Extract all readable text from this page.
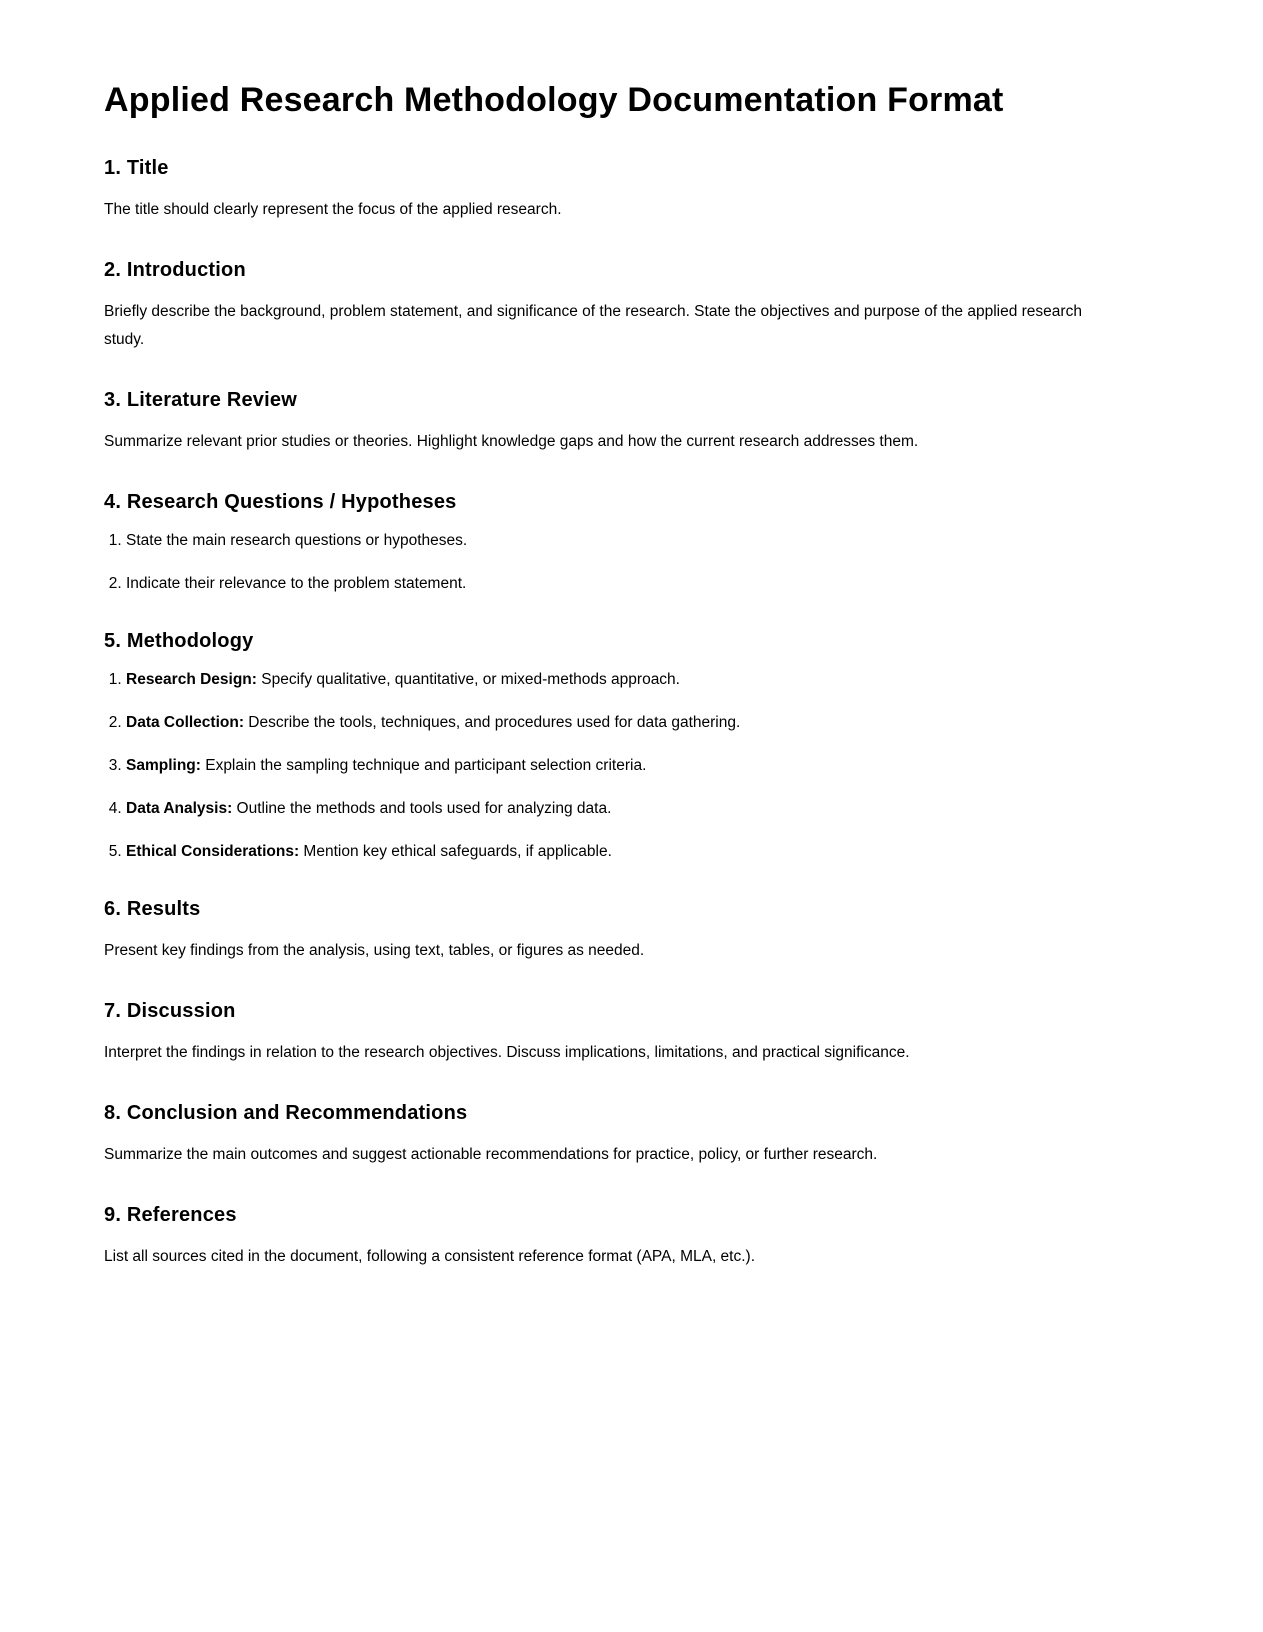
Applied Research Methodology Documentation Format
1. Title

The title should clearly represent the focus of the applied research.

2. Introduction

Briefly describe the background, problem statement, and significance of the research. State the objectives and purpose of the applied research study.

3. Literature Review

Summarize relevant prior studies or theories. Highlight knowledge gaps and how the current research addresses them.

4. Research Questions / Hypotheses
1. State the main research questions or hypotheses.
2. Indicate their relevance to the problem statement.
5. Methodology
1. Research Design: Specify qualitative, quantitative, or mixed-methods approach.
2. Data Collection: Describe the tools, techniques, and procedures used for data gathering.
3. Sampling: Explain the sampling technique and participant selection criteria.
4. Data Analysis: Outline the methods and tools used for analyzing data.
5. Ethical Considerations: Mention key ethical safeguards, if applicable.
6. Results

Present key findings from the analysis, using text, tables, or figures as needed.

7. Discussion

Interpret the findings in relation to the research objectives. Discuss implications, limitations, and practical significance.

8. Conclusion and Recommendations

Summarize the main outcomes and suggest actionable recommendations for practice, policy, or further research.

9. References

List all sources cited in the document, following a consistent reference format (APA, MLA, etc.).
